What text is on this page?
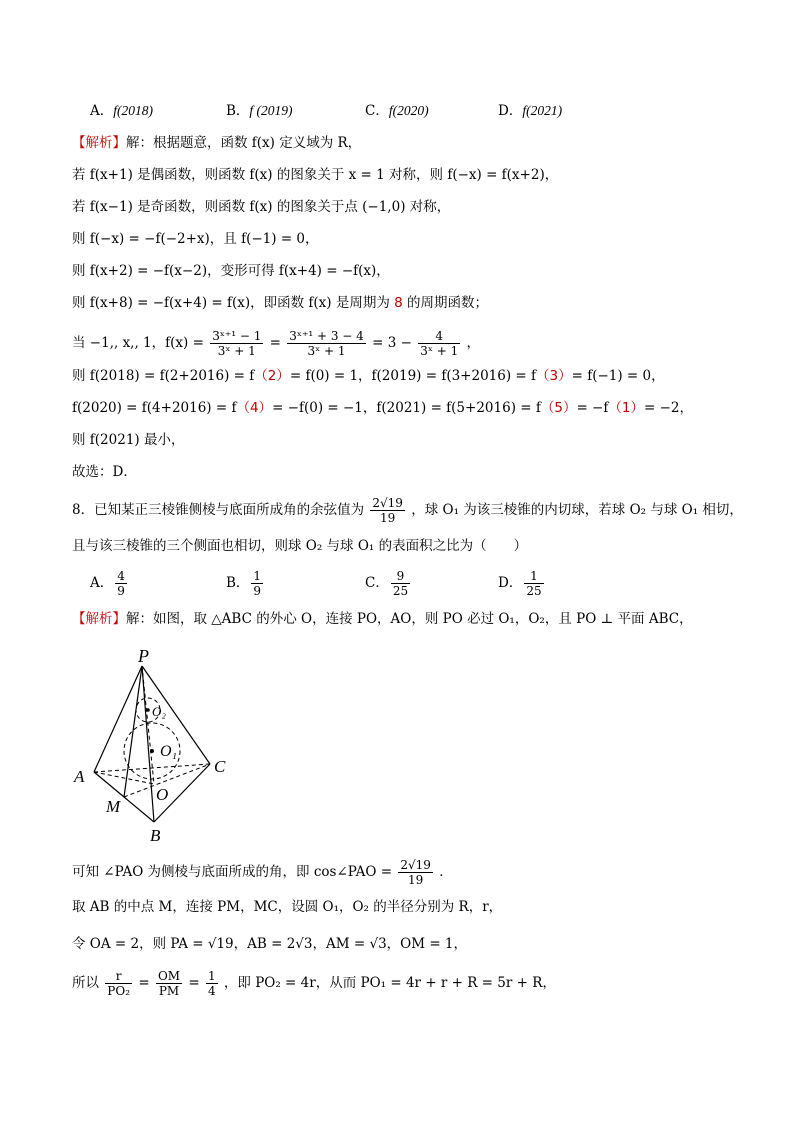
A．f(2018)	B．f (2019)	C．f(2020)	D．f(2021)
【解析】解：根据题意，函数 f(x) 定义域为 R，
若 f(x+1) 是偶函数，则函数 f(x) 的图象关于 x = 1 对称，则 f(−x) = f(x+2)，
若 f(x−1) 是奇函数，则函数 f(x) 的图象关于点 (−1,0) 对称，
则 f(−x) = −f(−2+x)，且 f(−1) = 0，
则 f(x+2) = −f(x−2)，变形可得 f(x+4) = −f(x)，
则 f(x+8) = −f(x+4) = f(x)，即函数 f(x) 是周期为 8 的周期函数；
当 −1,, x,, 1，$f(x) = \frac{\text{3ˣ⁺¹ − 1}}{\text{3ˣ + 1}} = \frac{\text{3ˣ⁺¹ + 3 − 4}}{\text{3ˣ + 1}} = 3 - \frac{4}{\text{3ˣ + 1}}$ ，
则 f(2018) = f(2+2016) = f（2）= f(0) = 1，f(2019) = f(3+2016) = f（3）= f(−1) = 0，
f(2020) = f(4+2016) = f（4）= −f(0) = −1，f(2021) = f(5+2016) = f（5）= −f（1）= −2，
则 f(2021) 最小，
故选：D．
8．已知某正三棱锥侧棱与底面所成角的余弦值为 $\frac{2√19}{19}$ ，球 O₁ 为该三棱锥的内切球，若球 O₂ 与球 O₁ 相切，
且与该三棱锥的三个侧面也相切，则球 O₂ 与球 O₁ 的表面积之比为（　　）
A． $\frac{4}{9}$	B． $\frac{1}{9}$	C． $\frac{9}{25}$	D． $\frac{1}{25}$
【解析】解：如图，取 △ABC 的外心 O，连接 PO，AO，则 PO 必过 O₁，O₂，且 PO ⊥ 平面 ABC，
P
A
B
C
M
O
O₁
O₂
可知 ∠PAO 为侧棱与底面所成的角，即 cos∠PAO = $\frac{2√19}{19}$ ．
取 AB 的中点 M，连接 PM，MC，设圆 O₁，O₂ 的半径分别为 R，r，
令 OA = 2，则 PA = √19，AB = 2√3，AM = √3，OM = 1，
所以 $\frac{r}{\text{PO₂}} = \frac{OM}{PM} = \frac{1}{4}$ ，即 PO₂ = 4r，从而 PO₁ = 4r + r + R = 5r + R，
